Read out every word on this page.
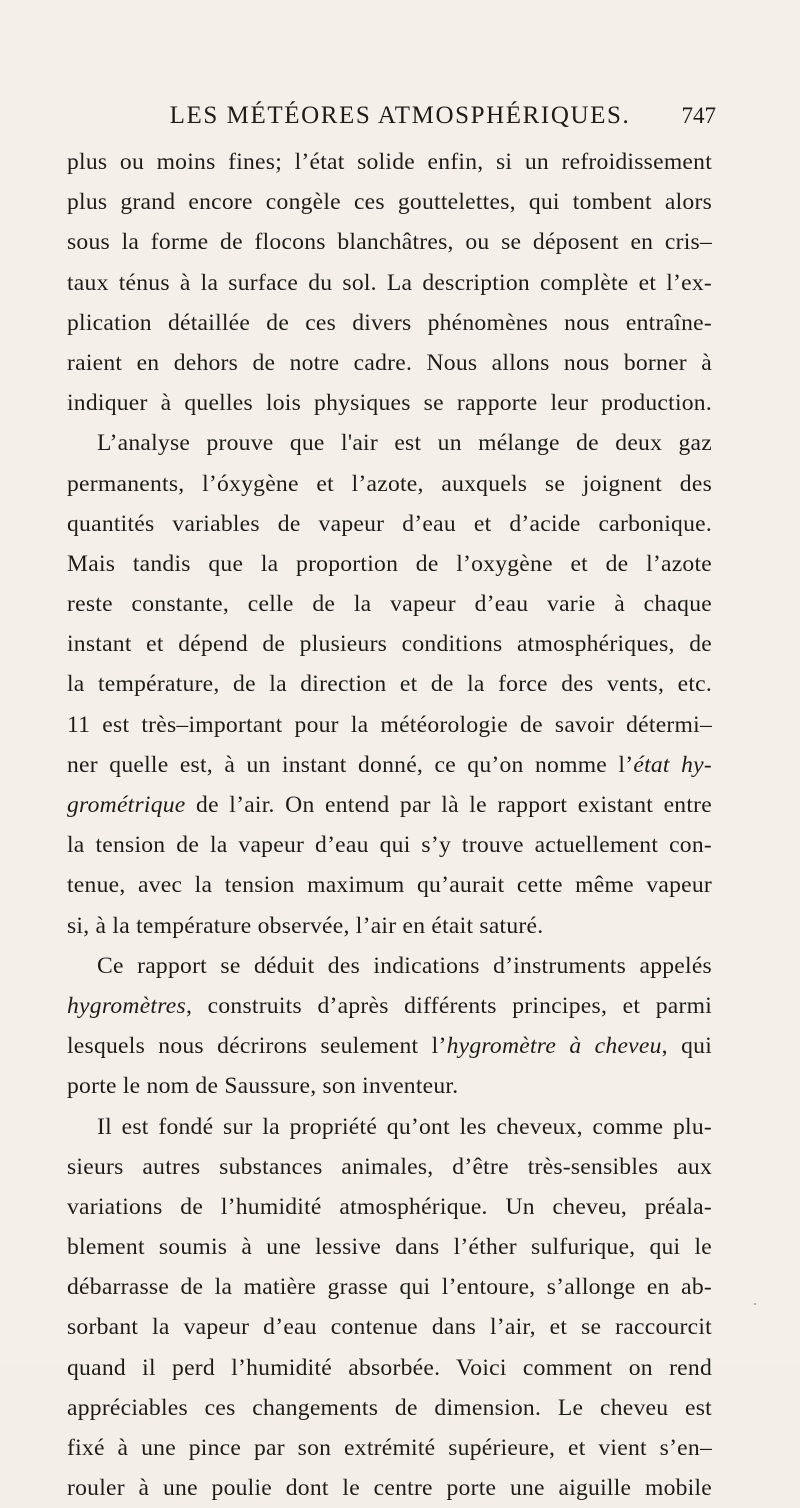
LES MÉTÉORES ATMOSPHÉRIQUES.	747
plus ou moins fines; l’état solide enfin, si un refroidissement
plus grand encore congèle ces gouttelettes, qui tombent alors
sous la forme de flocons blanchâtres, ou se déposent en cris–
taux ténus à la surface du sol. La description complète et l’ex-
plication détaillée de ces divers phénomènes nous entraîne-
raient en dehors de notre cadre. Nous allons nous borner à
indiquer à quelles lois physiques se rapporte leur production.
L’analyse prouve que l'air est un mélange de deux gaz
permanents, l’óxygène et l’azote, auxquels se joignent des
quantités variables de vapeur d’eau et d’acide carbonique.
Mais tandis que la proportion de l’oxygène et de l’azote
reste constante, celle de la vapeur d’eau varie à chaque
instant et dépend de plusieurs conditions atmosphériques, de
la température, de la direction et de la force des vents, etc.
11 est très–important pour la météorologie de savoir détermi–
ner quelle est, à un instant donné, ce qu’on nomme l’état hy-
grométrique de l’air. On entend par là le rapport existant entre
la tension de la vapeur d’eau qui s’y trouve actuellement con-
tenue, avec la tension maximum qu’aurait cette même vapeur
si, à la température observée, l’air en était saturé.
Ce rapport se déduit des indications d’instruments appelés
hygromètres, construits d’après différents principes, et parmi
lesquels nous décrirons seulement l’hygromètre à cheveu, qui
porte le nom de Saussure, son inventeur.
Il est fondé sur la propriété qu’ont les cheveux, comme plu-
sieurs autres substances animales, d’être très-sensibles aux
variations de l’humidité atmosphérique. Un cheveu, préala-
blement soumis à une lessive dans l’éther sulfurique, qui le
débarrasse de la matière grasse qui l’entoure, s’allonge en ab-
sorbant la vapeur d’eau contenue dans l’air, et se raccourcit
quand il perd l’humidité absorbée. Voici comment on rend
appréciables ces changements de dimension. Le cheveu est
fixé à une pince par son extrémité supérieure, et vient s’en–
rouler à une poulie dont le centre porte une aiguille mobile
